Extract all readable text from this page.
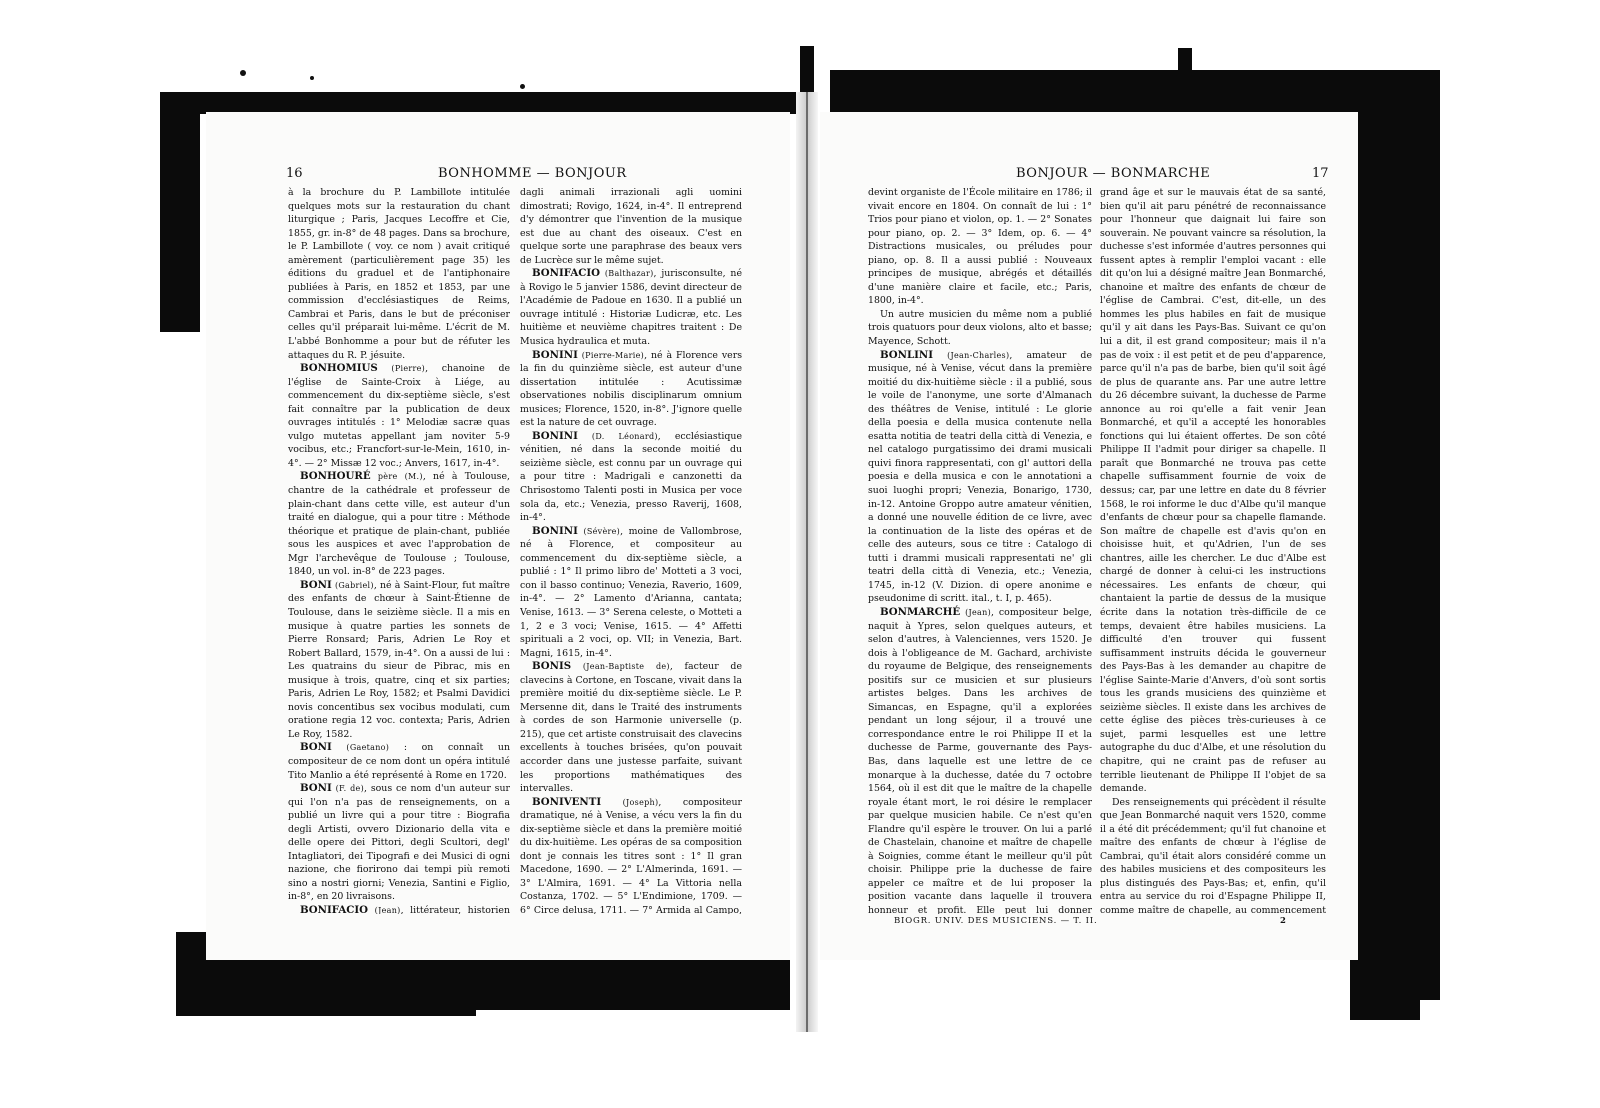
16	BONHOMME — BONJOUR	BONJOUR — BONMARCHE	17

à la brochure du P. Lambillote intitulée quelques mots sur la restauration du chant liturgique ; Paris, Jacques Lecoffre et Cie, 1855, gr. in-8° de 48 pages. Dans sa brochure, le P. Lambillote ( voy. ce nom ) avait critiqué amèrement (particulièrement page 35) les éditions du graduel et de l'antiphonaire publiées à Paris, en 1852 et 1853, par une commission d'ecclésiastiques de Reims, Cambrai et Paris, dans le but de préconiser celles qu'il préparait lui-même. L'écrit de M. L'abbé Bonhomme a pour but de réfuter les attaques du R. P. jésuite.

BONHOMIUS (Pierre), chanoine de l'église de Sainte-Croix à Liége, au commencement du dix-septième siècle, s'est fait connaître par la publication de deux ouvrages intitulés : 1° Melodiæ sacræ quas vulgo mutetas appellant jam noviter 5-9 vocibus, etc.; Francfort-sur-le-Mein, 1610, in-4°. — 2° Missæ 12 voc.; Anvers, 1617, in-4°.

BONHOURÉ père (M.), né à Toulouse, chantre de la cathédrale et professeur de plain-chant dans cette ville, est auteur d'un traité en dialogue, qui a pour titre : Méthode théorique et pratique de plain-chant, publiée sous les auspices et avec l'approbation de Mgr l'archevêque de Toulouse ; Toulouse, 1840, un vol. in-8° de 223 pages.

BONI (Gabriel), né à Saint-Flour, fut maître des enfants de chœur à Saint-Étienne de Toulouse, dans le seizième siècle. Il a mis en musique à quatre parties les sonnets de Pierre Ronsard; Paris, Adrien Le Roy et Robert Ballard, 1579, in-4°. On a aussi de lui : Les quatrains du sieur de Pibrac, mis en musique à trois, quatre, cinq et six parties; Paris, Adrien Le Roy, 1582; et Psalmi Davidici novis concentibus sex vocibus modulati, cum oratione regia 12 voc. contexta; Paris, Adrien Le Roy, 1582.

BONI (Gaetano) : on connaît un compositeur de ce nom dont un opéra intitulé Tito Manlio a été représenté à Rome en 1720.

BONI (F. de), sous ce nom d'un auteur sur qui l'on n'a pas de renseignements, on a publié un livre qui a pour titre : Biografia degli Artisti, ovvero Dizionario della vita e delle opere dei Pittori, degli Scultori, degl' Intagliatori, dei Tipografi e dei Musici di ogni nazione, che fiorirono dai tempi più remoti sino a nostri giorni; Venezia, Santini e Figlio, in-8°, en 20 livraisons.

BONIFACIO (Jean), littérateur, historien

dagli animali irrazionali agli uomini dimostrati; Rovigo, 1624, in-4°. Il entreprend d'y démontrer que l'invention de la musique est due au chant des oiseaux. C'est en quelque sorte une paraphrase des beaux vers de Lucrèce sur le même sujet.

BONIFACIO (Balthazar), jurisconsulte, né à Rovigo le 5 janvier 1586, devint directeur de l'Académie de Padoue en 1630. Il a publié un ouvrage intitulé : Historiæ Ludicræ, etc. Les huitième et neuvième chapitres traitent : De Musica hydraulica et muta.

BONINI (Pierre-Marie), né à Florence vers la fin du quinzième siècle, est auteur d'une dissertation intitulée : Acutissimæ observationes nobilis disciplinarum omnium musices; Florence, 1520, in-8°. J'ignore quelle est la nature de cet ouvrage.

BONINI (D. Léonard), ecclésiastique vénitien, né dans la seconde moitié du seizième siècle, est connu par un ouvrage qui a pour titre : Madrigali e canzonetti da Chrisostomo Talenti posti in Musica per voce sola da, etc.; Venezia, presso Raverij, 1608, in-4°.

BONINI (Sévère), moine de Vallombrose, né à Florence, et compositeur au commencement du dix-septième siècle, a publié : 1° Il primo libro de' Motteti a 3 voci, con il basso continuo; Venezia, Raverio, 1609, in-4°. — 2° Lamento d'Arianna, cantata; Venise, 1613. — 3° Serena celeste, o Motteti a 1, 2 e 3 voci; Venise, 1615. — 4° Affetti spirituali a 2 voci, op. VII; in Venezia, Bart. Magni, 1615, in-4°.

BONIS (Jean-Baptiste de), facteur de clavecins à Cortone, en Toscane, vivait dans la première moitié du dix-septième siècle. Le P. Mersenne dit, dans le Traité des instruments à cordes de son Harmonie universelle (p. 215), que cet artiste construisait des clavecins excellents à touches brisées, qu'on pouvait accorder dans une justesse parfaite, suivant les proportions mathématiques des intervalles.

BONIVENTI	(Joseph), compositeur dramatique, né à Venise, a vécu vers la fin du dix-septième siècle et dans la première moitié du dix-huitième. Les opéras de sa composition dont je connais les titres sont : 1° Il gran Macedone, 1690. — 2° L'Almerinda, 1691. — 3° L'Almira, 1691. — 4° La Vittoria nella Costanza, 1702. — 5° L'Endimione, 1709. — 6° Circe delusa, 1711. — 7° Armida al Campo,

devint organiste de l'École militaire en 1786; il vivait encore en 1804. On connaît de lui : 1° Trios pour piano et violon, op. 1. — 2° Sonates pour piano, op. 2. — 3° Idem, op. 6. — 4° Distractions musicales, ou préludes pour piano, op. 8. Il a aussi publié : Nouveaux principes de musique, abrégés et détaillés d'une manière claire et facile, etc.; Paris, 1800, in-4°.

Un autre musicien du même nom a publié trois quatuors pour deux violons, alto et basse; Mayence, Schott.

BONLINI (Jean-Charles), amateur de musique, né à Venise, vécut dans la première moitié du dix-huitième siècle : il a publié, sous le voile de l'anonyme, une sorte d'Almanach des théâtres de Venise, intitulé : Le glorie della poesia e della musica contenute nella esatta notitia de teatri della città di Venezia, e nel catalogo purgatissimo dei drami musicali quivi finora rappresentati, con gl' auttori della poesia e della musica e con le annotationi a suoi luoghi propri; Venezia, Bonarigo, 1730, in-12. Antoine Groppo autre amateur vénitien, a donné une nouvelle édition de ce livre, avec la continuation de la liste des opéras et de celle des auteurs, sous ce titre : Catalogo di tutti i drammi musicali rappresentati ne' gli teatri della città di Venezia, etc.; Venezia, 1745, in-12 (V. Dizion. di opere anonime e pseudonime di scritt. ital., t. I, p. 465).

BONMARCHÉ (Jean), compositeur belge, naquit à Ypres, selon quelques auteurs, et selon d'autres, à Valenciennes, vers 1520. Je dois à l'obligeance de M. Gachard, archiviste du royaume de Belgique, des renseignements positifs sur ce musicien et sur plusieurs artistes belges. Dans les archives de Simancas, en Espagne, qu'il a explorées pendant un long séjour, il a trouvé une correspondance entre le roi Philippe II et la duchesse de Parme, gouvernante des Pays-Bas, dans laquelle est une lettre de ce monarque à la duchesse, datée du 7 octobre 1564, où il est dit que le maître de la chapelle royale étant mort, le roi désire le remplacer par quelque musicien habile. Ce n'est qu'en Flandre qu'il espère le trouver. On lui a parlé de Chastelain, chanoine et maître de chapelle à Soignies, comme étant le meilleur qu'il pût choisir. Philippe prie la duchesse de faire appeler ce maître et de lui proposer la position vacante dans laquelle il trouvera honneur et profit. Elle peut lui donner

grand âge et sur le mauvais état de sa santé, bien qu'il ait paru pénétré de reconnaissance pour l'honneur que daignait lui faire son souverain. Ne pouvant vaincre sa résolution, la duchesse s'est informée d'autres personnes qui fussent aptes à remplir l'emploi vacant : elle dit qu'on lui a désigné maître Jean Bonmarché, chanoine et maître des enfants de chœur de l'église de Cambrai. C'est, dit-elle, un des hommes les plus habiles en fait de musique qu'il y ait dans les Pays-Bas. Suivant ce qu'on lui a dit, il est grand compositeur; mais il n'a pas de voix : il est petit et de peu d'apparence, parce qu'il n'a pas de barbe, bien qu'il soit âgé de plus de quarante ans. Par une autre lettre du 26 décembre suivant, la duchesse de Parme annonce au roi qu'elle a fait venir Jean Bonmarché, et qu'il a accepté les honorables fonctions qui lui étaient offertes. De son côté Philippe II l'admit pour diriger sa chapelle. Il paraît que Bonmarché ne trouva pas cette chapelle suffisamment fournie de voix de dessus; car, par une lettre en date du 8 février 1568, le roi informe le duc d'Albe qu'il manque d'enfants de chœur pour sa chapelle flamande. Son maître de chapelle est d'avis qu'on en choisisse huit, et qu'Adrien, l'un de ses chantres, aille les chercher. Le duc d'Albe est chargé de donner à celui-ci les instructions nécessaires. Les enfants de chœur, qui chantaient la partie de dessus de la musique écrite dans la notation très-difficile de ce temps, devaient être habiles musiciens. La difficulté d'en trouver qui fussent suffisamment instruits décida le gouverneur des Pays-Bas à les demander au chapitre de l'église Sainte-Marie d'Anvers, d'où sont sortis tous les grands musiciens des quinzième et seizième siècles. Il existe dans les archives de cette église des pièces très-curieuses à ce sujet, parmi lesquelles est une lettre autographe du duc d'Albe, et une résolution du chapitre, qui ne craint pas de refuser au terrible lieutenant de Philippe II l'objet de sa demande.

Des renseignements qui précèdent il résulte que Jean Bonmarché naquit vers 1520, comme il a été dit précédemment; qu'il fut chanoine et maître des enfants de chœur à l'église de Cambrai, qu'il était alors considéré comme un des habiles musiciens et des compositeurs les plus distingués des Pays-Bas; et, enfin, qu'il entra au service du roi d'Espagne Philippe II, comme maître de chapelle, au commencement

BIOGR. UNIV. DES MUSICIENS. — T. II.	2
